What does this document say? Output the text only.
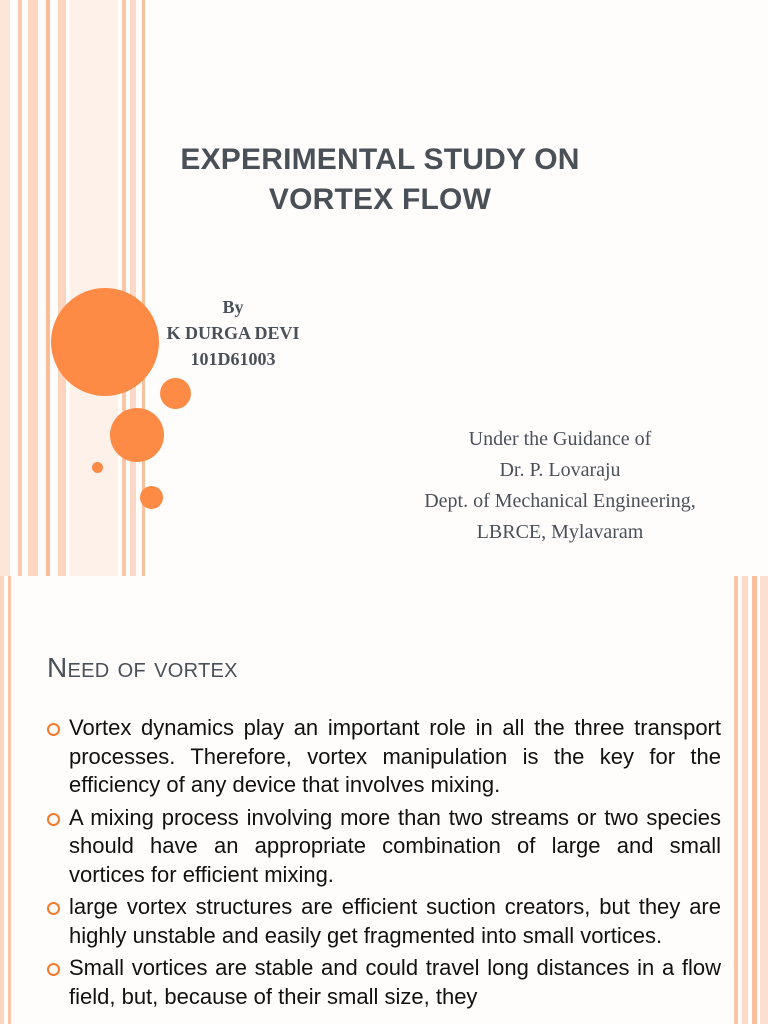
EXPERIMENTAL STUDY ON
VORTEX FLOW
By
K DURGA DEVI
101D61003
Under the Guidance of
Dr. P. Lovaraju
Dept. of Mechanical Engineering,
LBRCE, Mylavaram
Need of vortex
Vortex dynamics play an important role in all the three transport processes. Therefore, vortex manipulation is the key for the efficiency of any device that involves mixing.
A mixing process involving more than two streams or two species should have an appropriate combination of large and small vortices for efficient mixing.
large vortex structures are efficient suction creators, but they are highly unstable and easily get fragmented into small vortices.
Small vortices are stable and could travel long distances in a flow field, but, because of their small size, they
